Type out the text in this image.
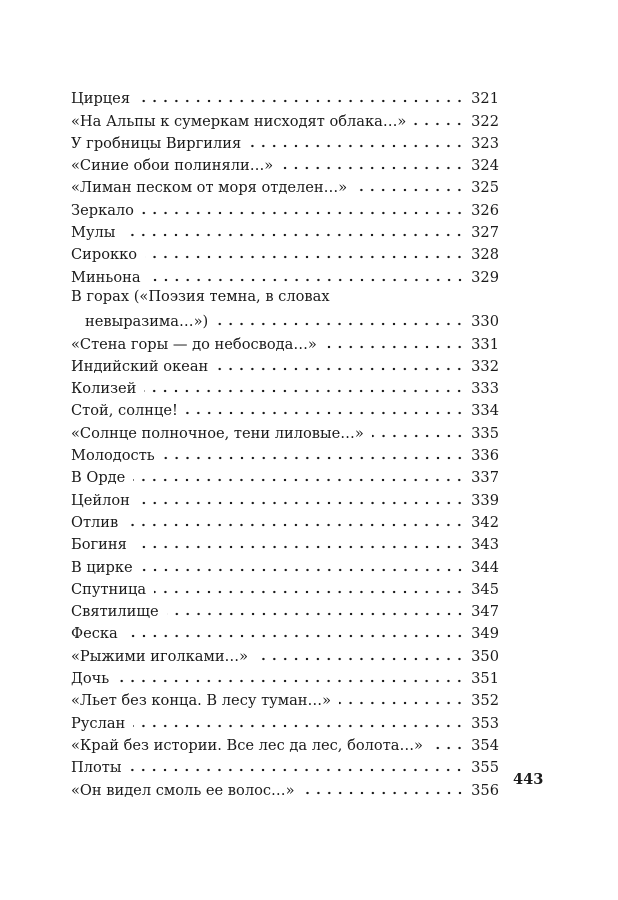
Цирцея	321
«На Альпы к сумеркам нисходят облака…»	322
У гробницы Виргилия	323
«Синие обои полиняли…»	324
«Лиман песком от моря отделен…»	325
Зеркало	326
Мулы	327
Сирокко	328
Миньона	329
В горах («Поэзия темна, в словах
невыразима…»)	330
«Стена горы — до небосвода…»	331
Индийский океан	332
Колизей	333
Стой, солнце!	334
«Солнце полночное, тени лиловые…»	335
Молодость	336
В Орде	337
Цейлон	339
Отлив	342
Богиня	343
В цирке	344
Спутница	345
Святилище	347
Феска	349
«Рыжими иголками…»	350
Дочь	351
«Льет без конца. В лесу туман…»	352
Руслан	353
«Край без истории. Все лес да лес, болота…»	354
Плоты	355
«Он видел смоль ее волос…»	356
443
